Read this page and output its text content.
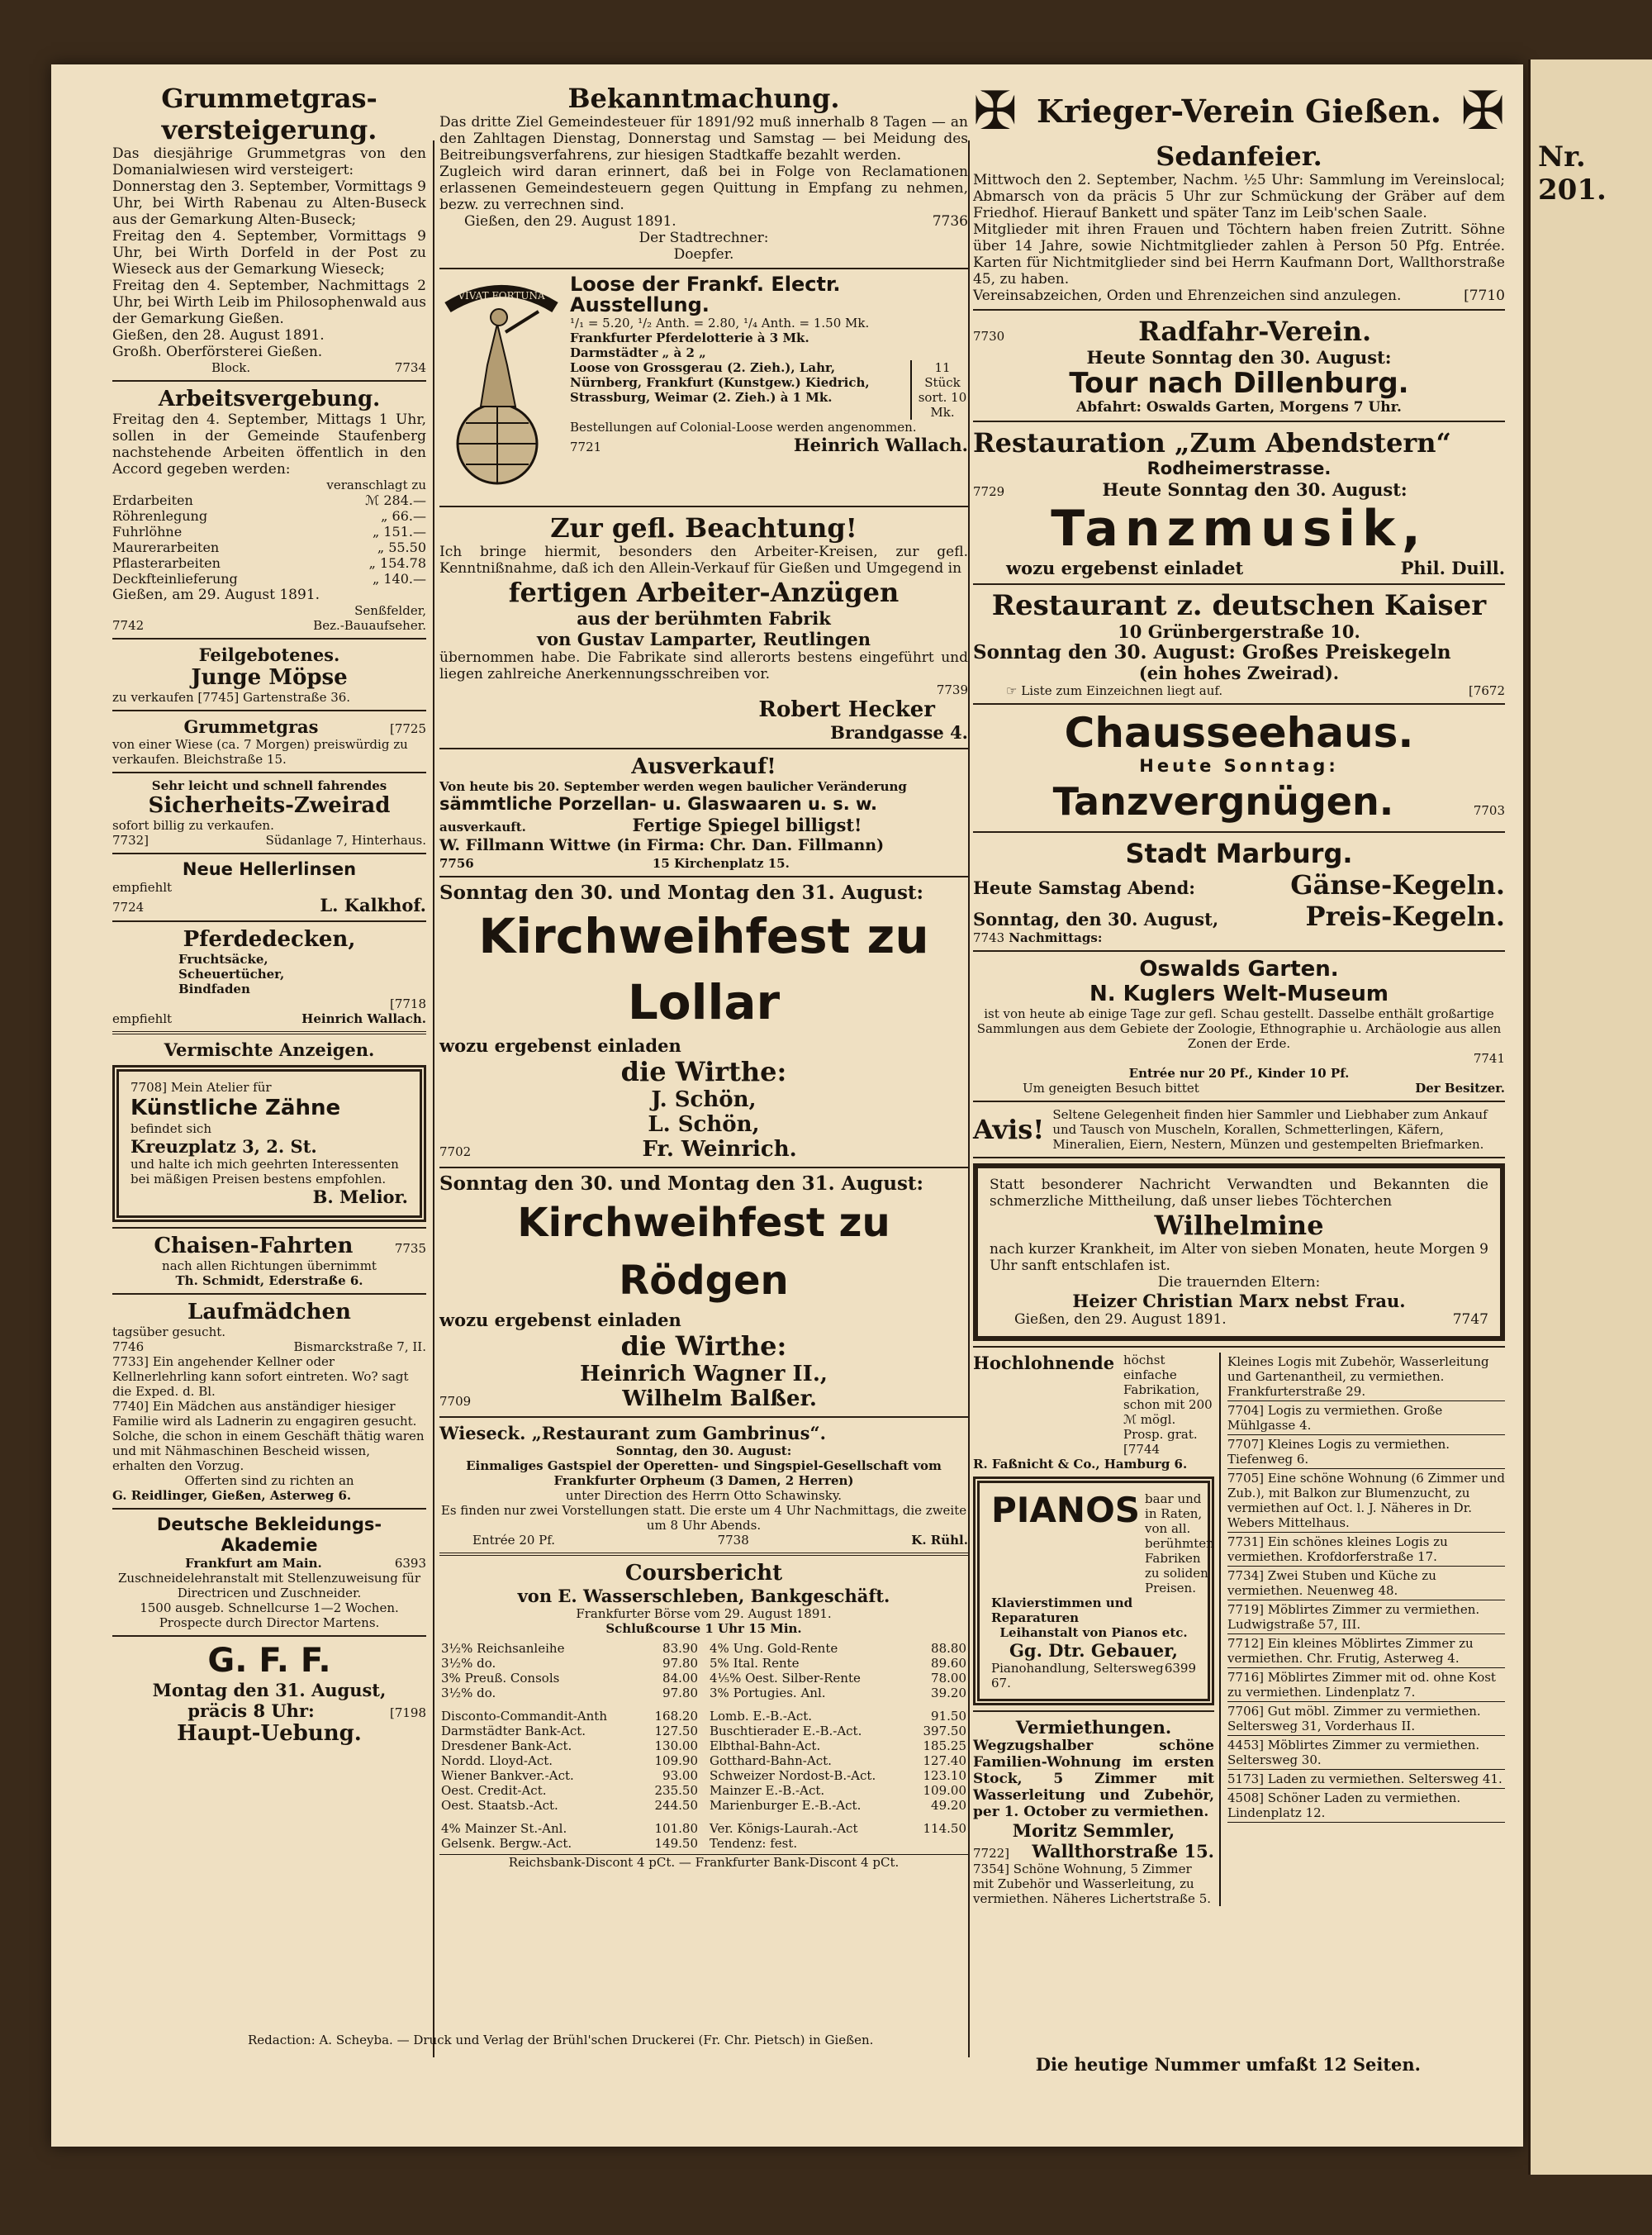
Nr. 201.
Grummetgras-versteigerung.
Das diesjährige Grummetgras von den Domanialwiesen wird versteigert:
Donnerstag den 3. September, Vormittags 9 Uhr, bei Wirth Rabenau zu Alten-Buseck aus der Gemarkung Alten-Buseck;
Freitag den 4. September, Vormittags 9 Uhr, bei Wirth Dorfeld in der Post zu Wieseck aus der Gemarkung Wieseck;
Freitag den 4. September, Nachmittags 2 Uhr, bei Wirth Leib im Philosophenwald aus der Gemarkung Gießen.
Gießen, den 28. August 1891.
Großh. Oberförsterei Gießen.
Block.	7734
Arbeitsvergebung.
Freitag den 4. September, Mittags 1 Uhr, sollen in der Gemeinde Staufenberg nachstehende Arbeiten öffentlich in den Accord gegeben werden:
veranschlagt zu
Erdarbeiten	ℳ 284.—
Röhrenlegung	„ 66.—
Fuhrlöhne	„ 151.—
Maurerarbeiten	„ 55.50
Pflasterarbeiten	„ 154.78
Deckfteinlieferung	„ 140.—
Gießen, am 29. August 1891.
Senßfelder,
7742	Bez.-Bauaufseher.
Feilgebotenes.
Junge Möpse
zu verkaufen [7745] Gartenstraße 36.
Grummetgras	[7725
von einer Wiese (ca. 7 Morgen) preiswürdig zu verkaufen. Bleichstraße 15.
Sehr leicht und schnell fahrendes
Sicherheits-Zweirad
sofort billig zu verkaufen.
7732]	Südanlage 7, Hinterhaus.
Neue Hellerlinsen
empfiehlt
7724	L. Kalkhof.
Pferdedecken,
Fruchtsäcke, Scheuertücher, Bindfaden
[7718
empfiehlt	Heinrich Wallach.
Vermischte Anzeigen.
7708] Mein Atelier für
Künstliche Zähne
befindet sich
Kreuzplatz 3, 2. St.
und halte ich mich geehrten Interessenten bei mäßigen Preisen bestens empfohlen.
B. Melior.
Chaisen-Fahrten	7735
nach allen Richtungen übernimmt
Th. Schmidt, Ederstraße 6.
Laufmädchen
tagsüber gesucht.
7746	Bismarckstraße 7, II.
7733] Ein angehender Kellner oder Kellnerlehrling kann sofort eintreten. Wo? sagt die Exped. d. Bl.
7740] Ein Mädchen aus anständiger hiesiger Familie wird als Ladnerin zu engagiren gesucht. Solche, die schon in einem Geschäft thätig waren und mit Nähmaschinen Bescheid wissen, erhalten den Vorzug.
Offerten sind zu richten an
G. Reidlinger, Gießen, Asterweg 6.
Deutsche Bekleidungs-Akademie
Frankfurt am Main.	6393
Zuschneidelehranstalt mit Stellenzuweisung für Directricen und Zuschneider.
1500 ausgeb. Schnellcurse 1—2 Wochen.
Prospecte durch Director Martens.
G. F. F.
Montag den 31. August,
präcis 8 Uhr:	[7198
Haupt-Uebung.
Bekanntmachung.
Das dritte Ziel Gemeindesteuer für 1891/92 muß innerhalb 8 Tagen — an den Zahltagen Dienstag, Donnerstag und Samstag — bei Meidung des Beitreibungsverfahrens, zur hiesigen Stadtkaffe bezahlt werden.
Zugleich wird daran erinnert, daß bei in Folge von Reclamationen erlassenen Gemeindesteuern gegen Quittung in Empfang zu nehmen, bezw. zu verrechnen sind.
Gießen, den 29. August 1891.	7736
Der Stadtrechner:
Doepfer.
VIVAT FORTUNA Loose der Frankf. Electr. Ausstellung.
¹/₁ = 5.20, ¹/₂ Anth. = 2.80, ¹/₄ Anth. = 1.50 Mk.
Frankfurter Pferdelotterie à 3 Mk.
Darmstädter „ à 2 „
Loose von Grossgerau (2. Zieh.), Lahr, Nürnberg, Frankfurt (Kunstgew.) Kiedrich, Strassburg, Weimar (2. Zieh.) à 1 Mk.
11 Stück sort. 10 Mk.
Bestellungen auf Colonial-Loose werden angenommen.
7721	Heinrich Wallach.
Zur gefl. Beachtung!
Ich bringe hiermit, besonders den Arbeiter-Kreisen, zur gefl. Kenntnißnahme, daß ich den Allein-Verkauf für Gießen und Umgegend in
fertigen Arbeiter-Anzügen
aus der berühmten Fabrik
von Gustav Lamparter, Reutlingen
übernommen habe. Die Fabrikate sind allerorts bestens eingeführt und liegen zahlreiche Anerkennungsschreiben vor.
7739
Robert Hecker
Brandgasse 4.
Ausverkauf!
Von heute bis 20. September werden wegen baulicher Veränderung
sämmtliche Porzellan- u. Glaswaaren u. s. w.
ausverkauft.	Fertige Spiegel billigst!
W. Fillmann Wittwe (in Firma: Chr. Dan. Fillmann)
7756	15 Kirchenplatz 15.
Sonntag den 30. und Montag den 31. August:
Kirchweihfest zu Lollar
wozu ergebenst einladen
die Wirthe:
J. Schön,
L. Schön,
7702	Fr. Weinrich.
Sonntag den 30. und Montag den 31. August:
Kirchweihfest zu Rödgen
wozu ergebenst einladen
die Wirthe:
Heinrich Wagner II.,
7709	Wilhelm Balßer.
Wieseck. „Restaurant zum Gambrinus“.
Sonntag, den 30. August:
Einmaliges Gastspiel der Operetten- und Singspiel-Gesellschaft vom Frankfurter Orpheum (3 Damen, 2 Herren)
unter Direction des Herrn Otto Schawinsky.
Es finden nur zwei Vorstellungen statt. Die erste um 4 Uhr Nachmittags, die zweite um 8 Uhr Abends.
Entrée 20 Pf.	7738	K. Rühl.
Coursbericht
von E. Wasserschleben, Bankgeschäft.
Frankfurter Börse vom 29. August 1891.
Schlußcourse 1 Uhr 15 Min.
3½% Reichsanleihe	83.90
3½% do.	97.80
3% Preuß. Consols	84.00
3½% do.	97.80

Disconto-Commandit-Anth	168.20
Darmstädter Bank-Act.	127.50
Dresdener Bank-Act.	130.00
Nordd. Lloyd-Act.	109.90
Wiener Bankver.-Act.	93.00
Oest. Credit-Act.	235.50
Oest. Staatsb.-Act.	244.50

4% Mainzer St.-Anl.	101.80
Gelsenk. Bergw.-Act.	149.50
4% Ung. Gold-Rente	88.80
5% Ital. Rente	89.60
4⅕% Oest. Silber-Rente	78.00
3% Portugies. Anl.	39.20

Lomb. E.-B.-Act.	91.50
Buschtierader E.-B.-Act.	397.50
Elbthal-Bahn-Act.	185.25
Gotthard-Bahn-Act.	127.40
Schweizer Nordost-B.-Act.	123.10
Mainzer E.-B.-Act.	109.00
Marienburger E.-B.-Act.	49.20

Ver. Königs-Laurah.-Act	114.50
Tendenz: fest.	
Reichsbank-Discont 4 pCt. — Frankfurter Bank-Discont 4 pCt.
✠ Krieger-Verein Gießen. ✠
Sedanfeier.
Mittwoch den 2. September, Nachm. ½5 Uhr: Sammlung im Vereinslocal; Abmarsch von da präcis 5 Uhr zur Schmückung der Gräber auf dem Friedhof. Hierauf Bankett und später Tanz im Leib'schen Saale.
Mitglieder mit ihren Frauen und Töchtern haben freien Zutritt. Söhne über 14 Jahre, sowie Nichtmitglieder zahlen à Person 50 Pfg. Entrée. Karten für Nichtmitglieder sind bei Herrn Kaufmann Dort, Wallthorstraße 45, zu haben.
Vereinsabzeichen, Orden und Ehrenzeichen sind anzulegen.	[7710
7730	Radfahr-Verein.
Heute Sonntag den 30. August:
Tour nach Dillenburg.
Abfahrt: Oswalds Garten, Morgens 7 Uhr.
Restauration „Zum Abendstern“
Rodheimerstrasse.
7729	Heute Sonntag den 30. August:
Tanzmusik,
wozu ergebenst einladet	Phil. Duill.
Restaurant z. deutschen Kaiser
10 Grünbergerstraße 10.
Sonntag den 30. August: Großes Preiskegeln
(ein hohes Zweirad).
☞ Liste zum Einzeichnen liegt auf.	[7672
Chausseehaus.
Heute Sonntag:
Tanzvergnügen.	7703
Stadt Marburg.
Heute Samstag Abend:	Gänse-Kegeln.
Sonntag, den 30. August,
7743 Nachmittags:
Preis-Kegeln.
Oswalds Garten.
N. Kuglers Welt-Museum
ist von heute ab einige Tage zur gefl. Schau gestellt. Dasselbe enthält großartige Sammlungen aus dem Gebiete der Zoologie, Ethnographie u. Archäologie aus allen Zonen der Erde.
7741
Entrée nur 20 Pf., Kinder 10 Pf.
Um geneigten Besuch bittet	Der Besitzer.
Avis! Seltene Gelegenheit finden hier Sammler und Liebhaber zum Ankauf und Tausch von Muscheln, Korallen, Schmetterlingen, Käfern, Mineralien, Eiern, Nestern, Münzen und gestempelten Briefmarken.
Statt besonderer Nachricht Verwandten und Bekannten die schmerzliche Mittheilung, daß unser liebes Töchterchen
Wilhelmine
nach kurzer Krankheit, im Alter von sieben Monaten, heute Morgen 9 Uhr sanft entschlafen ist.
Die trauernden Eltern:
Heizer Christian Marx nebst Frau.
Gießen, den 29. August 1891.	7747
Hochlohnende höchst einfache Fabrikation, schon mit 200 ℳ mögl. Prosp. grat. [7744
R. Faßnicht & Co., Hamburg 6.
PIANOS baar und in Raten, von all. berühmten Fabriken zu soliden Preisen.
Klavierstimmen und Reparaturen
Leihanstalt von Pianos etc.
Gg. Dtr. Gebauer,
Pianohandlung, Seltersweg 67.
6399
Vermiethungen.
Wegzugshalber schöne Familien-Wohnung im ersten Stock, 5 Zimmer mit Wasserleitung und Zubehör, per 1. October zu vermiethen.
Moritz Semmler,
7722] Wallthorstraße 15.
7354] Schöne Wohnung, 5 Zimmer mit Zubehör und Wasserleitung, zu vermiethen. Näheres Lichertstraße 5.
Kleines Logis mit Zubehör, Wasserleitung und Gartenantheil, zu vermiethen. Frankfurterstraße 29.
7704] Logis zu vermiethen. Große Mühlgasse 4.
7707] Kleines Logis zu vermiethen. Tiefenweg 6.
7705] Eine schöne Wohnung (6 Zimmer und Zub.), mit Balkon zur Blumenzucht, zu vermiethen auf Oct. l. J. Näheres in Dr. Webers Mittelhaus.
7731] Ein schönes kleines Logis zu vermiethen. Krofdorferstraße 17.
7734] Zwei Stuben und Küche zu vermiethen. Neuenweg 48.
7719] Möblirtes Zimmer zu vermiethen. Ludwigstraße 57, III.
7712] Ein kleines Möblirtes Zimmer zu vermiethen. Chr. Frutig, Asterweg 4.
7716] Möblirtes Zimmer mit od. ohne Kost zu vermiethen. Lindenplatz 7.
7706] Gut möbl. Zimmer zu vermiethen. Seltersweg 31, Vorderhaus II.
4453] Möblirtes Zimmer zu vermiethen. Seltersweg 30.
5173] Laden zu vermiethen. Seltersweg 41.
4508] Schöner Laden zu vermiethen. Lindenplatz 12.
Redaction: A. Scheyba. — Druck und Verlag der Brühl'schen Druckerei (Fr. Chr. Pietsch) in Gießen.
Die heutige Nummer umfaßt 12 Seiten.
